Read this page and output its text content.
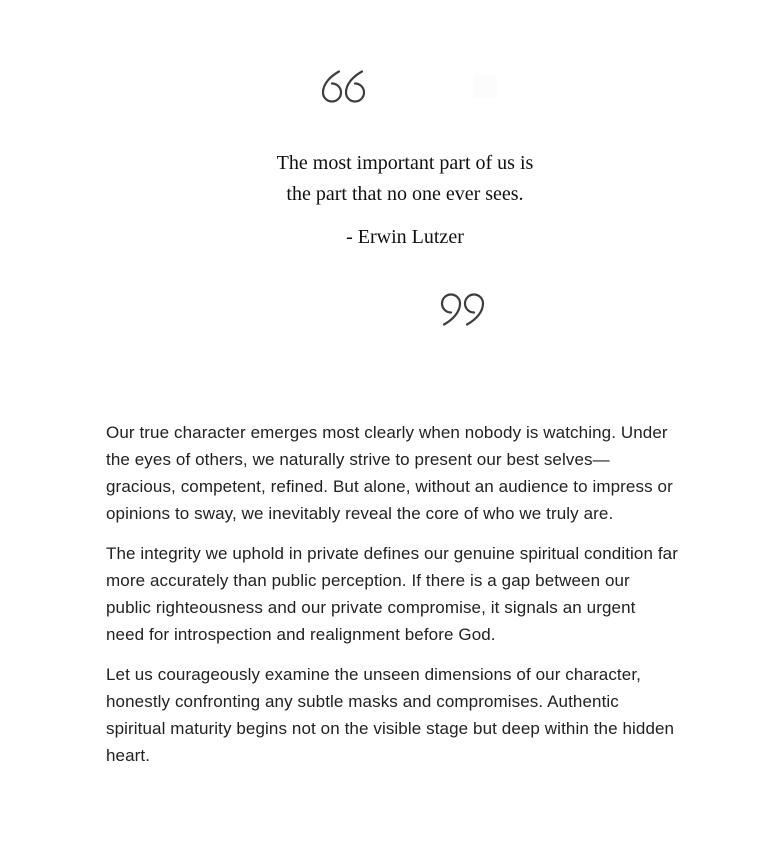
The most important part of us is
the part that no one ever sees.
- Erwin Lutzer

Our true character emerges most clearly when nobody is watching. Under the eyes of others, we naturally strive to present our best selves—gracious, competent, refined. But alone, without an audience to impress or opinions to sway, we inevitably reveal the core of who we truly are.

The integrity we uphold in private defines our genuine spiritual condition far more accurately than public perception. If there is a gap between our public righteousness and our private compromise, it signals an urgent need for introspection and realignment before God.

Let us courageously examine the unseen dimensions of our character, honestly confronting any subtle masks and compromises. Authentic spiritual maturity begins not on the visible stage but deep within the hidden heart.
